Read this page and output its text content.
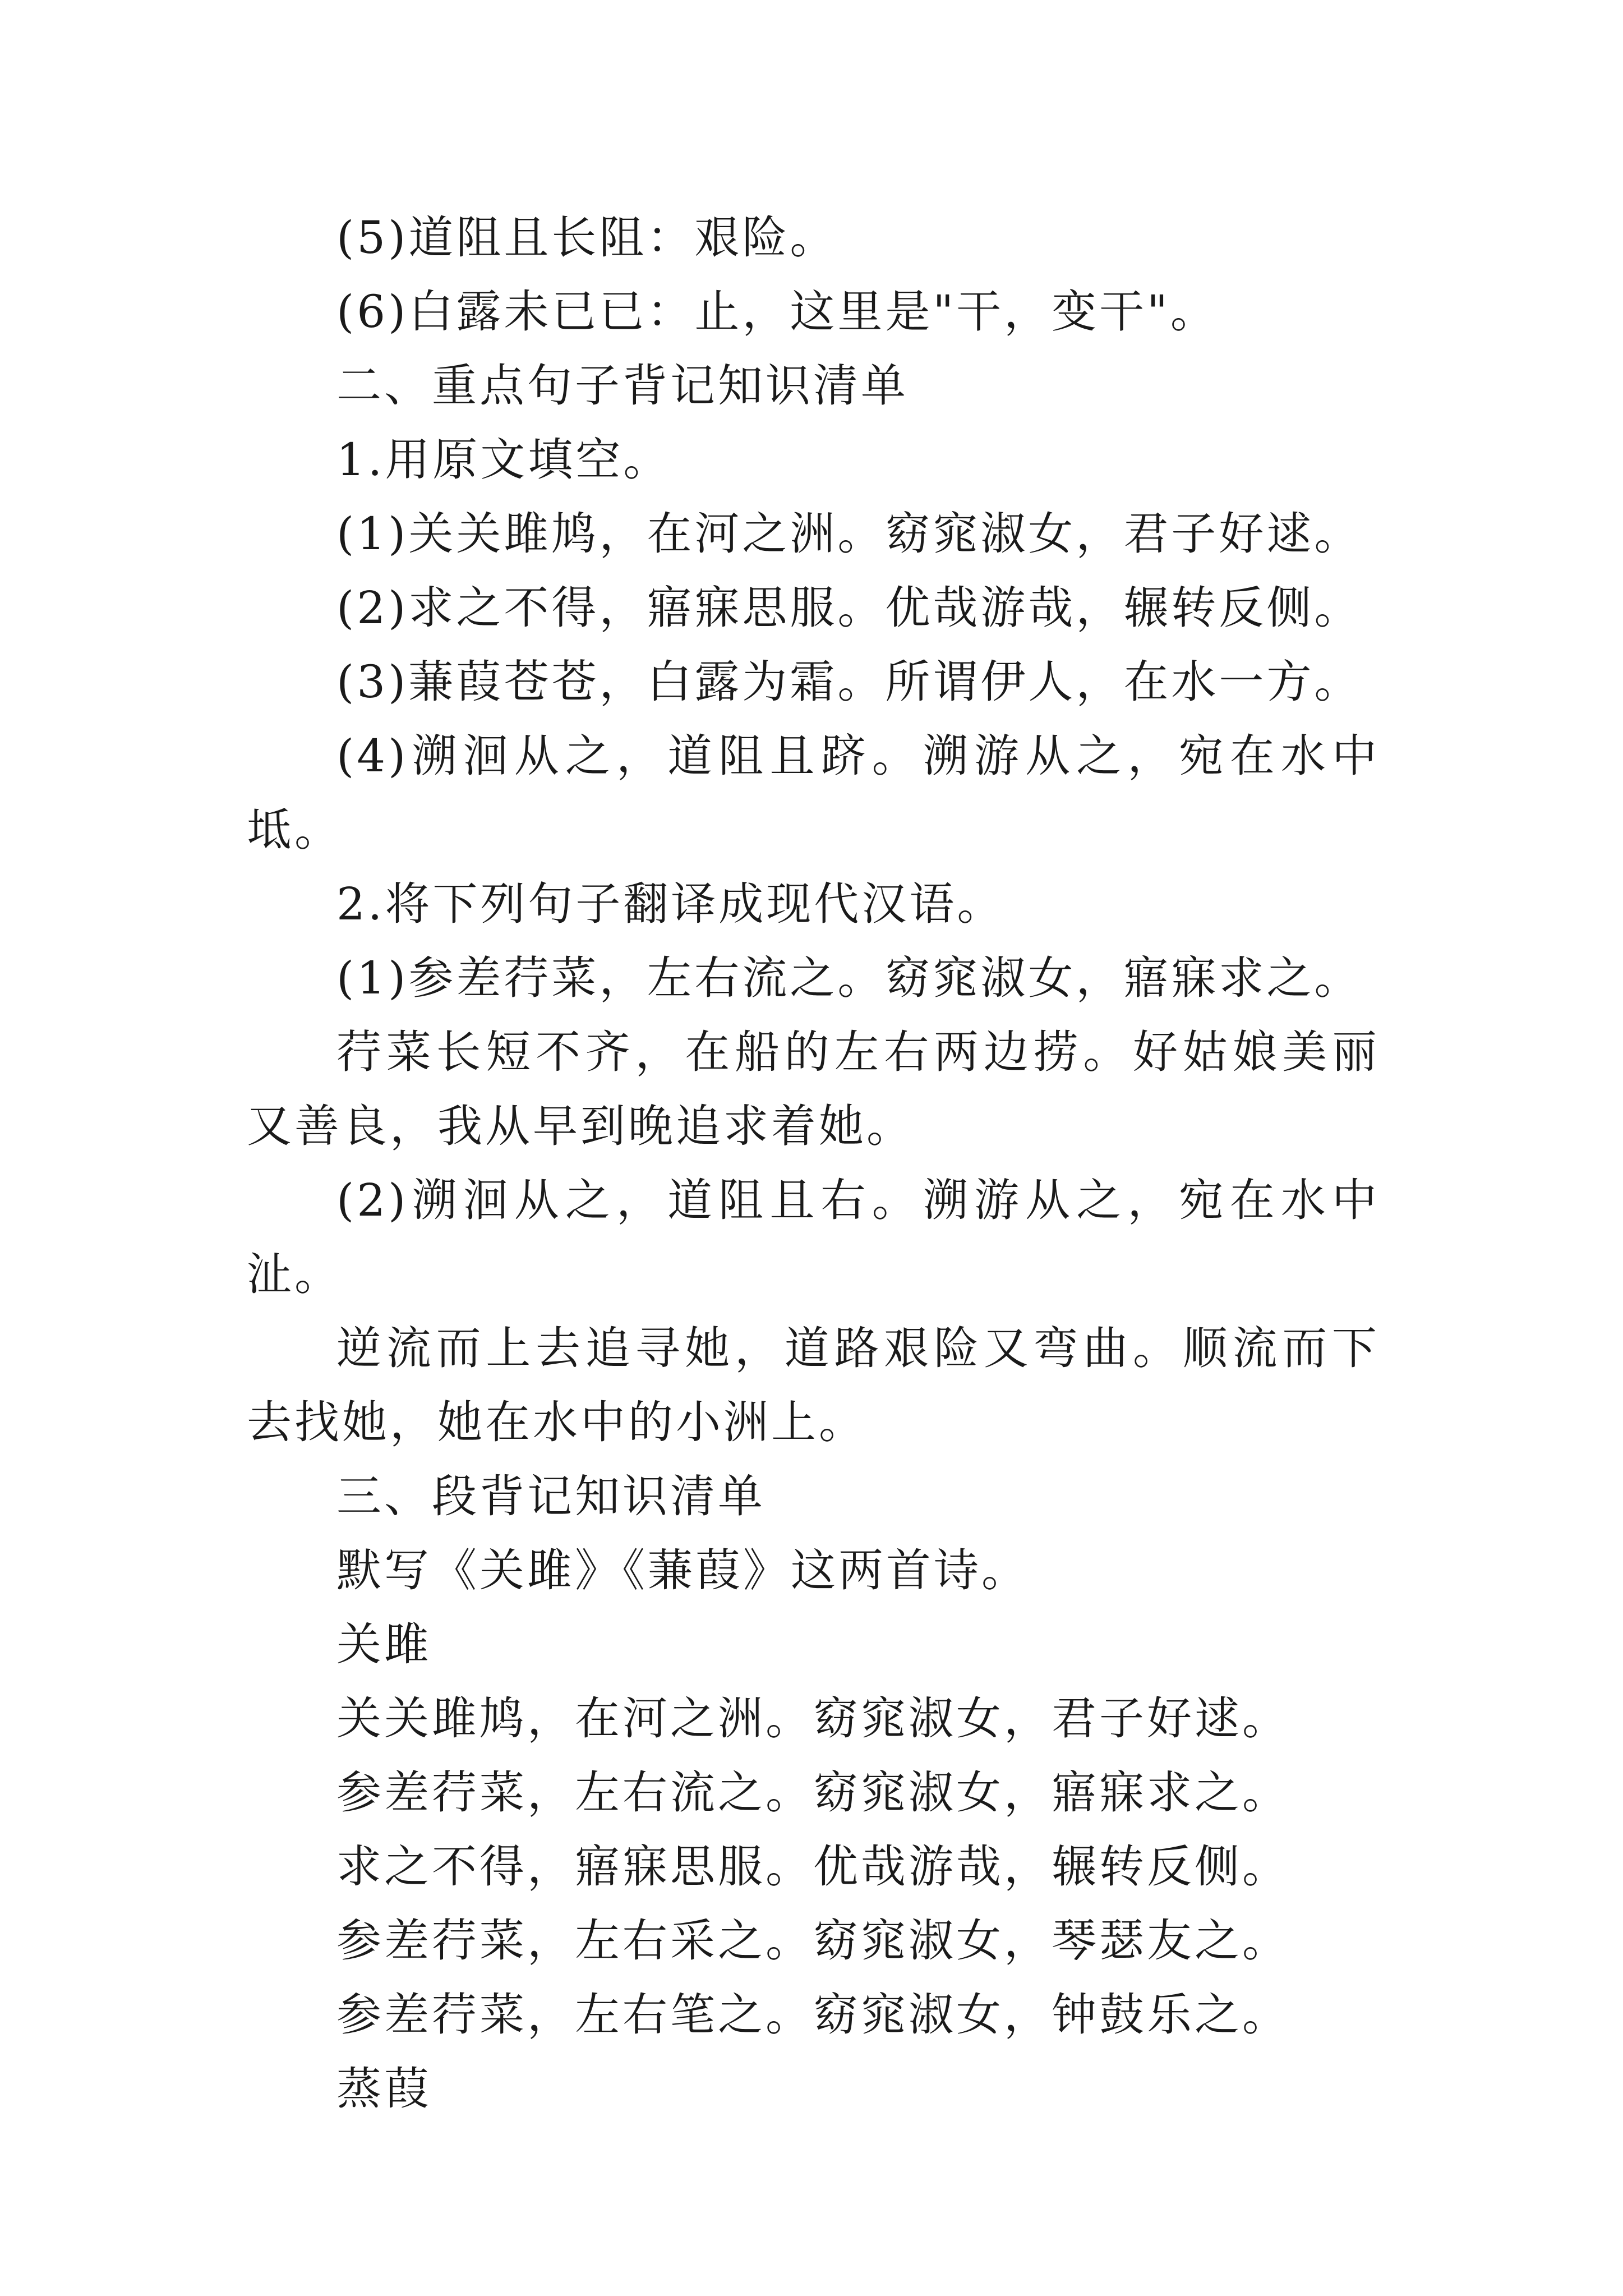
(5)道阻且长阻：艰险。

(6)白露未已已：止，这里是"干，变干"。

二、重点句子背记知识清单

1.用原文填空。

(1)关关雎鸠，在河之洲。窈窕淑女，君子好逑。

(2)求之不得，寤寐思服。优哉游哉，辗转反侧。

(3)蒹葭苍苍，白露为霜。所谓伊人，在水一方。

(4)溯洄从之，道阻且跻。溯游从之，宛在水中坻。

2.将下列句子翻译成现代汉语。

(1)参差荇菜，左右流之。窈窕淑女，寤寐求之。

荇菜长短不齐，在船的左右两边捞。好姑娘美丽又善良，我从早到晚追求着她。

(2)溯洄从之，道阻且右。溯游从之，宛在水中沚。

逆流而上去追寻她，道路艰险又弯曲。顺流而下去找她，她在水中的小洲上。

三、段背记知识清单

默写《关雎》《蒹葭》这两首诗。

关雎

关关雎鸠，在河之洲。窈窕淑女，君子好逑。

参差荇菜，左右流之。窈窕淑女，寤寐求之。

求之不得，寤寐思服。优哉游哉，辗转反侧。

参差荇菜，左右采之。窈窕淑女，琴瑟友之。

参差荇菜，左右笔之。窈窕淑女，钟鼓乐之。

蒸葭
